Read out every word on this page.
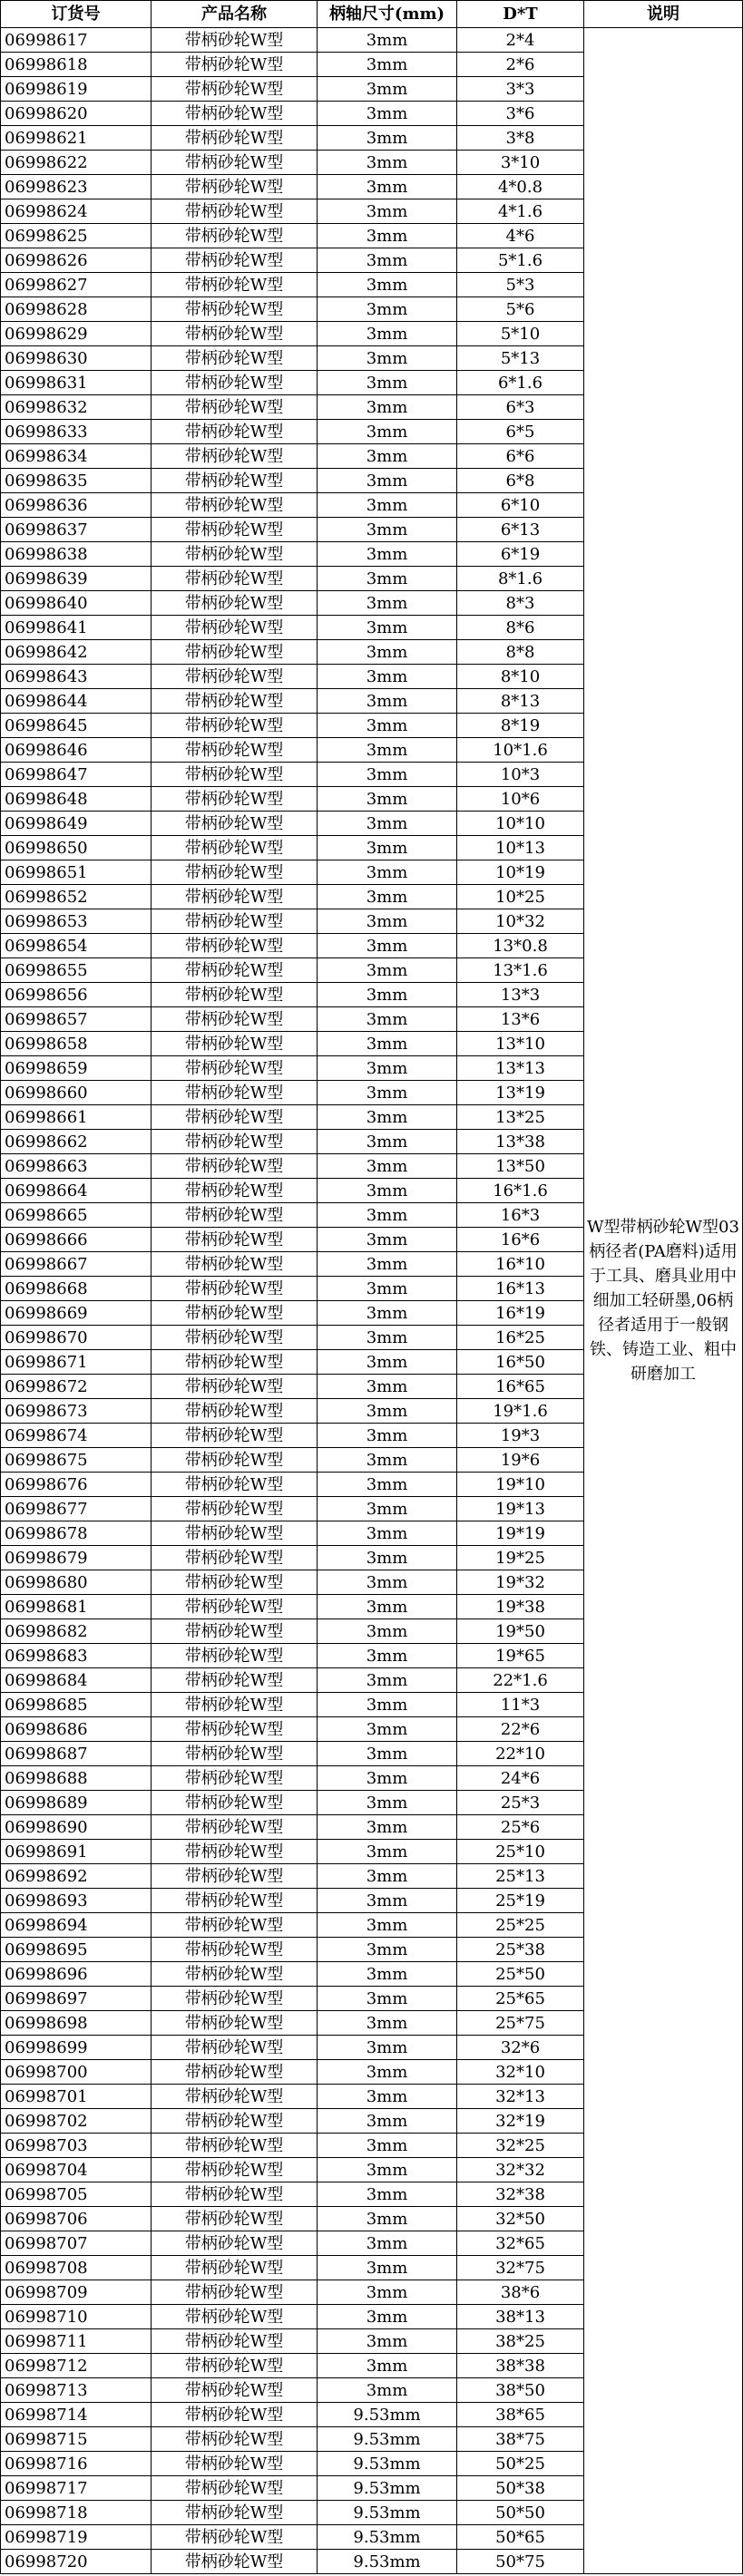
订货号	产品名称	柄轴尺寸(mm)	D*T	说明
06998617	带柄砂轮W型	3mm	2*4	W型带柄砂轮W型03柄径者(PA磨料)适用于工具、磨具业用中细加工轻研墨,06柄径者适用于一般钢铁、铸造工业、粗中研磨加工

06998618	带柄砂轮W型	3mm	2*6	
06998619	带柄砂轮W型	3mm	3*3	
06998620	带柄砂轮W型	3mm	3*6	
06998621	带柄砂轮W型	3mm	3*8	
06998622	带柄砂轮W型	3mm	3*10	
06998623	带柄砂轮W型	3mm	4*0.8	
06998624	带柄砂轮W型	3mm	4*1.6	
06998625	带柄砂轮W型	3mm	4*6	
06998626	带柄砂轮W型	3mm	5*1.6	
06998627	带柄砂轮W型	3mm	5*3	
06998628	带柄砂轮W型	3mm	5*6	
06998629	带柄砂轮W型	3mm	5*10	
06998630	带柄砂轮W型	3mm	5*13	
06998631	带柄砂轮W型	3mm	6*1.6	
06998632	带柄砂轮W型	3mm	6*3	
06998633	带柄砂轮W型	3mm	6*5	
06998634	带柄砂轮W型	3mm	6*6	
06998635	带柄砂轮W型	3mm	6*8	
06998636	带柄砂轮W型	3mm	6*10	
06998637	带柄砂轮W型	3mm	6*13	
06998638	带柄砂轮W型	3mm	6*19	
06998639	带柄砂轮W型	3mm	8*1.6	
06998640	带柄砂轮W型	3mm	8*3	
06998641	带柄砂轮W型	3mm	8*6	
06998642	带柄砂轮W型	3mm	8*8	
06998643	带柄砂轮W型	3mm	8*10	
06998644	带柄砂轮W型	3mm	8*13	
06998645	带柄砂轮W型	3mm	8*19	
06998646	带柄砂轮W型	3mm	10*1.6	
06998647	带柄砂轮W型	3mm	10*3	
06998648	带柄砂轮W型	3mm	10*6	
06998649	带柄砂轮W型	3mm	10*10	
06998650	带柄砂轮W型	3mm	10*13	
06998651	带柄砂轮W型	3mm	10*19	
06998652	带柄砂轮W型	3mm	10*25	
06998653	带柄砂轮W型	3mm	10*32	
06998654	带柄砂轮W型	3mm	13*0.8	
06998655	带柄砂轮W型	3mm	13*1.6	
06998656	带柄砂轮W型	3mm	13*3	
06998657	带柄砂轮W型	3mm	13*6	
06998658	带柄砂轮W型	3mm	13*10	
06998659	带柄砂轮W型	3mm	13*13	
06998660	带柄砂轮W型	3mm	13*19	
06998661	带柄砂轮W型	3mm	13*25	
06998662	带柄砂轮W型	3mm	13*38	
06998663	带柄砂轮W型	3mm	13*50	
06998664	带柄砂轮W型	3mm	16*1.6	
06998665	带柄砂轮W型	3mm	16*3	
06998666	带柄砂轮W型	3mm	16*6	
06998667	带柄砂轮W型	3mm	16*10	
06998668	带柄砂轮W型	3mm	16*13	
06998669	带柄砂轮W型	3mm	16*19	
06998670	带柄砂轮W型	3mm	16*25	
06998671	带柄砂轮W型	3mm	16*50	
06998672	带柄砂轮W型	3mm	16*65	
06998673	带柄砂轮W型	3mm	19*1.6	
06998674	带柄砂轮W型	3mm	19*3	
06998675	带柄砂轮W型	3mm	19*6	
06998676	带柄砂轮W型	3mm	19*10	
06998677	带柄砂轮W型	3mm	19*13	
06998678	带柄砂轮W型	3mm	19*19	
06998679	带柄砂轮W型	3mm	19*25	
06998680	带柄砂轮W型	3mm	19*32	
06998681	带柄砂轮W型	3mm	19*38	
06998682	带柄砂轮W型	3mm	19*50	
06998683	带柄砂轮W型	3mm	19*65	
06998684	带柄砂轮W型	3mm	22*1.6	
06998685	带柄砂轮W型	3mm	11*3	
06998686	带柄砂轮W型	3mm	22*6	
06998687	带柄砂轮W型	3mm	22*10	
06998688	带柄砂轮W型	3mm	24*6	
06998689	带柄砂轮W型	3mm	25*3	
06998690	带柄砂轮W型	3mm	25*6	
06998691	带柄砂轮W型	3mm	25*10	
06998692	带柄砂轮W型	3mm	25*13	
06998693	带柄砂轮W型	3mm	25*19	
06998694	带柄砂轮W型	3mm	25*25	
06998695	带柄砂轮W型	3mm	25*38	
06998696	带柄砂轮W型	3mm	25*50	
06998697	带柄砂轮W型	3mm	25*65	
06998698	带柄砂轮W型	3mm	25*75	
06998699	带柄砂轮W型	3mm	32*6	
06998700	带柄砂轮W型	3mm	32*10	
06998701	带柄砂轮W型	3mm	32*13	
06998702	带柄砂轮W型	3mm	32*19	
06998703	带柄砂轮W型	3mm	32*25	
06998704	带柄砂轮W型	3mm	32*32	
06998705	带柄砂轮W型	3mm	32*38	
06998706	带柄砂轮W型	3mm	32*50	
06998707	带柄砂轮W型	3mm	32*65	
06998708	带柄砂轮W型	3mm	32*75	
06998709	带柄砂轮W型	3mm	38*6	
06998710	带柄砂轮W型	3mm	38*13	
06998711	带柄砂轮W型	3mm	38*25	
06998712	带柄砂轮W型	3mm	38*38	
06998713	带柄砂轮W型	3mm	38*50	
06998714	带柄砂轮W型	9.53mm	38*65	
06998715	带柄砂轮W型	9.53mm	38*75	
06998716	带柄砂轮W型	9.53mm	50*25	
06998717	带柄砂轮W型	9.53mm	50*38	
06998718	带柄砂轮W型	9.53mm	50*50	
06998719	带柄砂轮W型	9.53mm	50*65	
06998720	带柄砂轮W型	9.53mm	50*75	
